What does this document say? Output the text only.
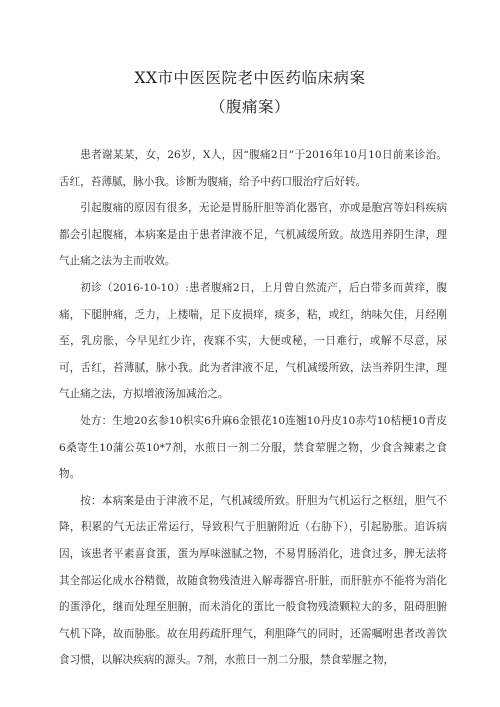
XX市中医医院老中医药临床病案
（腹痛案）

患者谢某某，女，26岁，X人，因“腹痛2日”于2016年10月10日前来诊治。舌红，苔薄腻，脉小我。诊断为腹痛，给予中药口服治疗后好转。

引起腹痛的原因有很多，无论是胃肠肝胆等消化器官，亦或是胞宫等妇科疾病都会引起腹痛，本病案是由于患者津液不足，气机减缓所致。故选用养阴生津，理气止痛之法为主而收效。

初诊（2016-10-10）:患者腹痛2日，上月曾自然流产，后白带多而黄痒，腹痛，下腿肿痛，乏力，上楼喘，足下皮损痒，痰多，粘，或红，纳味欠佳，月经刚至，乳房胀，今早见红少许，夜寐不实，大便或秘，一日难行，或解不尽意，尿可，舌红，苔薄腻，脉小我。此为者津液不足，气机减缓所致，法当养阴生津，理气止痛之法，方拟增液汤加减治之。

处方：生地20玄参10枳实6升麻6金银花10连翘10丹皮10赤芍10桔梗10青皮6桑寄生10蒲公英10*7剂，水煎日一剂二分服，禁食荤腥之物，少食含辣素之食物。

按：本病案是由于津液不足，气机减缓所致。肝胆为气机运行之枢纽，胆气不降，积累的气无法正常运行，导致积气于胆腑附近（右胁下），引起胁胀。追诉病因，该患者平素喜食蛋，蛋为厚味滋腻之物，不易胃肠消化，进食过多，脾无法将其全部运化成水谷精微，故随食物残渣进入解毒器官-肝脏，而肝脏亦不能将为消化的蛋淨化，继而处理至胆腑，而未消化的蛋比一般食物残渣颗粒大的多，阻碍胆腑气机下降，故而胁胀。故在用药疏肝理气，利胆降气的同时，还需嘱咐患者改善饮食习惯，以解决疾病的源头。7剂，水煎日一剂二分服，禁食荤腥之物，
